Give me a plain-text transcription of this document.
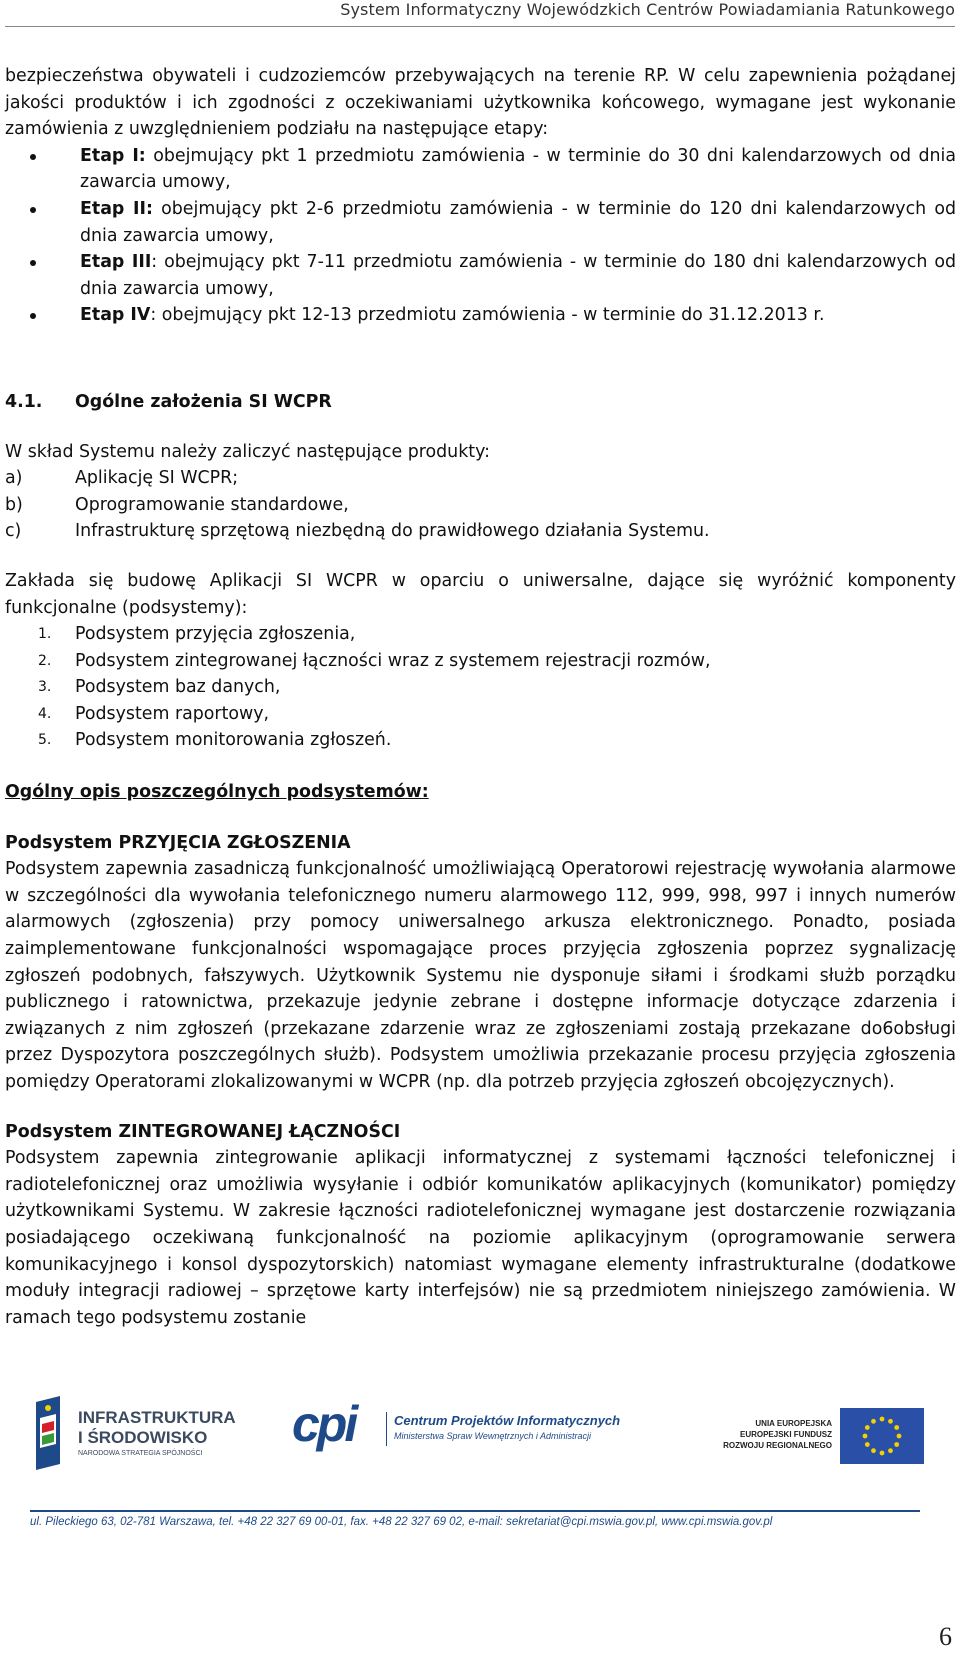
System Informatyczny Wojewódzkich Centrów Powiadamiania Ratunkowego

bezpieczeństwa obywateli i cudzoziemców przebywających na terenie RP. W celu zapewnienia pożądanej jakości produktów i ich zgodności z oczekiwaniami użytkownika końcowego, wymagane jest wykonanie zamówienia z uwzględnieniem podziału na następujące etapy:

Etap I: obejmujący pkt 1 przedmiotu zamówienia - w terminie do 30 dni kalendarzowych od dnia zawarcia umowy,
Etap II: obejmujący pkt 2-6 przedmiotu zamówienia - w terminie do 120 dni kalendarzowych od dnia zawarcia umowy,
Etap III: obejmujący pkt 7-11 przedmiotu zamówienia - w terminie do 180 dni kalendarzowych od dnia zawarcia umowy,
Etap IV: obejmujący pkt 12-13 przedmiotu zamówienia - w terminie do 31.12.2013 r.
4.1. Ogólne założenia SI WCPR

W skład Systemu należy zaliczyć następujące produkty:

a)	Aplikację SI WCPR;
b)	Oprogramowanie standardowe,
c)	Infrastrukturę sprzętową niezbędną do prawidłowego działania Systemu.

Zakłada się budowę Aplikacji SI WCPR w oparciu o uniwersalne, dające się wyróżnić komponenty funkcjonalne (podsystemy):

1. Podsystem przyjęcia zgłoszenia,
2. Podsystem zintegrowanej łączności wraz z systemem rejestracji rozmów,
3. Podsystem baz danych,
4. Podsystem raportowy,
5. Podsystem monitorowania zgłoszeń.

Ogólny opis poszczególnych podsystemów:

Podsystem PRZYJĘCIA ZGŁOSZENIA

Podsystem zapewnia zasadniczą funkcjonalność umożliwiającą Operatorowi rejestrację wywołania alarmowe w szczególności dla wywołania telefonicznego numeru alarmowego 112, 999, 998, 997 i innych numerów alarmowych (zgłoszenia) przy pomocy uniwersalnego arkusza elektronicznego. Ponadto, posiada zaimplementowane funkcjonalności wspomagające proces przyjęcia zgłoszenia poprzez sygnalizację zgłoszeń podobnych, fałszywych. Użytkownik Systemu nie dysponuje siłami i środkami służb porządku publicznego i ratownictwa, przekazuje jedynie zebrane i dostępne informacje dotyczące zdarzenia i związanych z nim zgłoszeń (przekazane zdarzenie wraz ze zgłoszeniami zostają przekazane do6obsługi przez Dyspozytora poszczególnych służb). Podsystem umożliwia przekazanie procesu przyjęcia zgłoszenia pomiędzy Operatorami zlokalizowanymi w WCPR (np. dla potrzeb przyjęcia zgłoszeń obcojęzycznych).

Podsystem ZINTEGROWANEJ ŁĄCZNOŚCI

Podsystem zapewnia zintegrowanie aplikacji informatycznej z systemami łączności telefonicznej i radiotelefonicznej oraz umożliwia wysyłanie i odbiór komunikatów aplikacyjnych (komunikator) pomiędzy użytkownikami Systemu. W zakresie łączności radiotelefonicznej wymagane jest dostarczenie rozwiązania posiadającego oczekiwaną funkcjonalność na poziomie aplikacyjnym (oprogramowanie serwera komunikacyjnego i konsol dyspozytorskich) natomiast wymagane elementy infrastrukturalne (dodatkowe moduły integracji radiowej – sprzętowe karty interfejsów) nie są przedmiotem niniejszego zamówienia. W ramach tego podsystemu zostanie

INFRASTRUKTURA
I ŚRODOWISKO
NARODOWA STRATEGIA SPÓJNOŚCI
cpi	Centrum Projektów Informatycznych
Ministerstwa Spraw Wewnętrznych i Administracji
UNIA EUROPEJSKA
EUROPEJSKI FUNDUSZ
ROZWOJU REGIONALNEGO
ul. Pileckiego 63, 02-781 Warszawa, tel. +48 22 327 69 00-01, fax. +48 22 327 69 02, e-mail: sekretariat@cpi.mswia.gov.pl, www.cpi.mswia.gov.pl
6
